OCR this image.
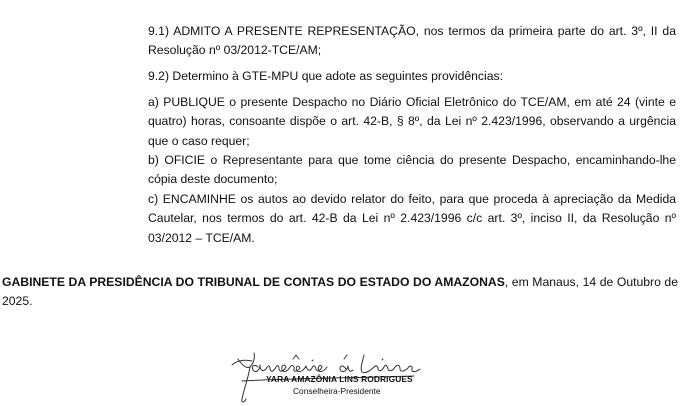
9.1) ADMITO A PRESENTE REPRESENTAÇÃO, nos termos da primeira parte do art. 3º, II da Resolução nº 03/2012-TCE/AM;

9.2) Determino à GTE-MPU que adote as seguintes providências:

a) PUBLIQUE o presente Despacho no Diário Oficial Eletrônico do TCE/AM, em até 24 (vinte e quatro) horas, consoante dispõe o art. 42-B, § 8º, da Lei nº 2.423/1996, observando a urgência que o caso requer;

b) OFICIE o Representante para que tome ciência do presente Despacho, encaminhando-lhe cópia deste documento;

c) ENCAMINHE os autos ao devido relator do feito, para que proceda à apreciação da Medida Cautelar, nos termos do art. 42-B da Lei nº 2.423/1996 c/c art. 3º, inciso II, da Resolução nº 03/2012 – TCE/AM.

GABINETE DA PRESIDÊNCIA DO TRIBUNAL DE CONTAS DO ESTADO DO AMAZONAS, em Manaus, 14 de Outubro de 2025.
YARA AMAZÔNIA LINS RODRIGUES
Conselheira-Presidente
